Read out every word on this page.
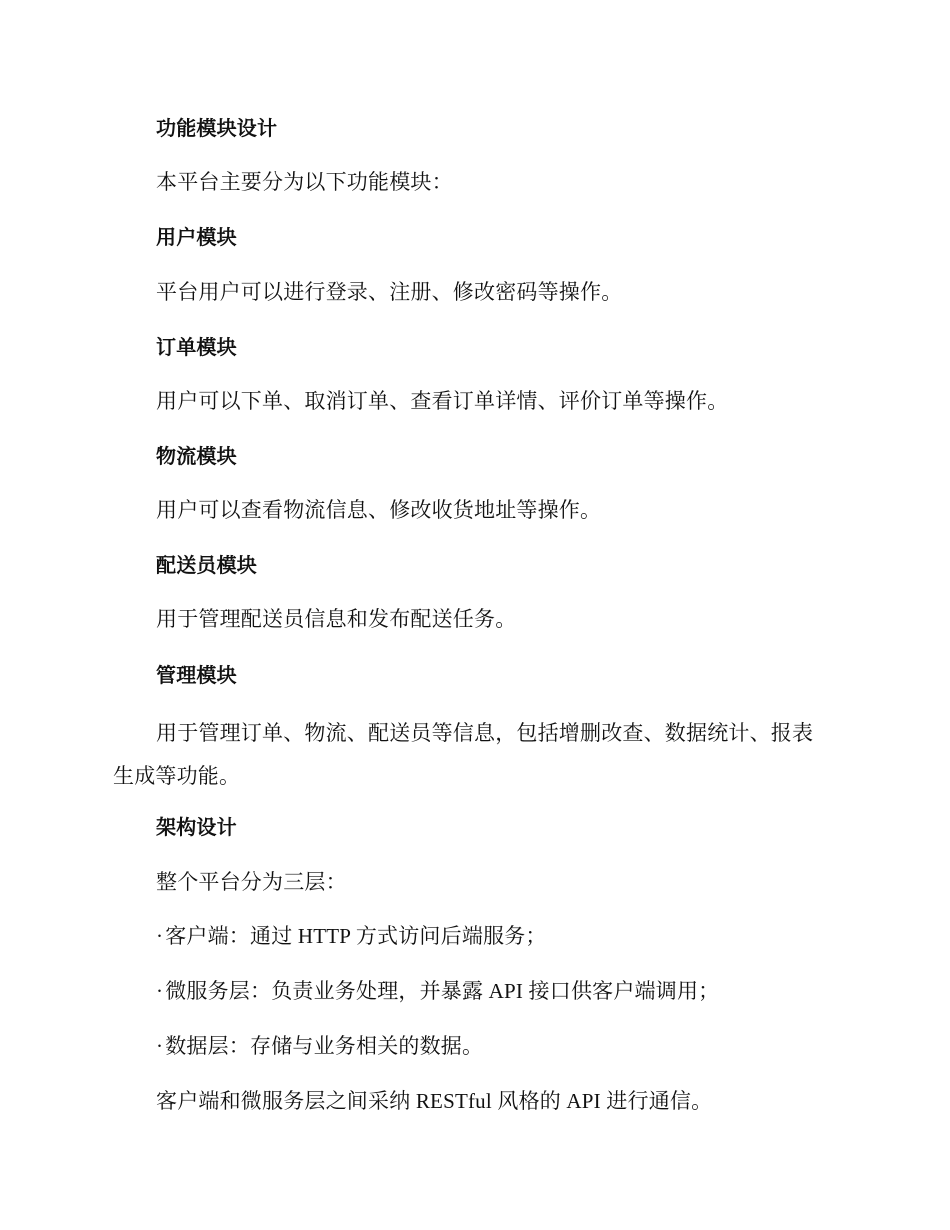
功能模块设计

本平台主要分为以下功能模块：

用户模块

平台用户可以进行登录、注册、修改密码等操作。

订单模块

用户可以下单、取消订单、查看订单详情、评价订单等操作。

物流模块

用户可以查看物流信息、修改收货地址等操作。

配送员模块

用于管理配送员信息和发布配送任务。

管理模块

用于管理订单、物流、配送员等信息，包括增删改查、数据统计、报表生成等功能。

架构设计

整个平台分为三层：

·客户端：通过 HTTP 方式访问后端服务；

·微服务层：负责业务处理，并暴露 API 接口供客户端调用；

·数据层：存储与业务相关的数据。

客户端和微服务层之间采纳 RESTful 风格的 API 进行通信。
